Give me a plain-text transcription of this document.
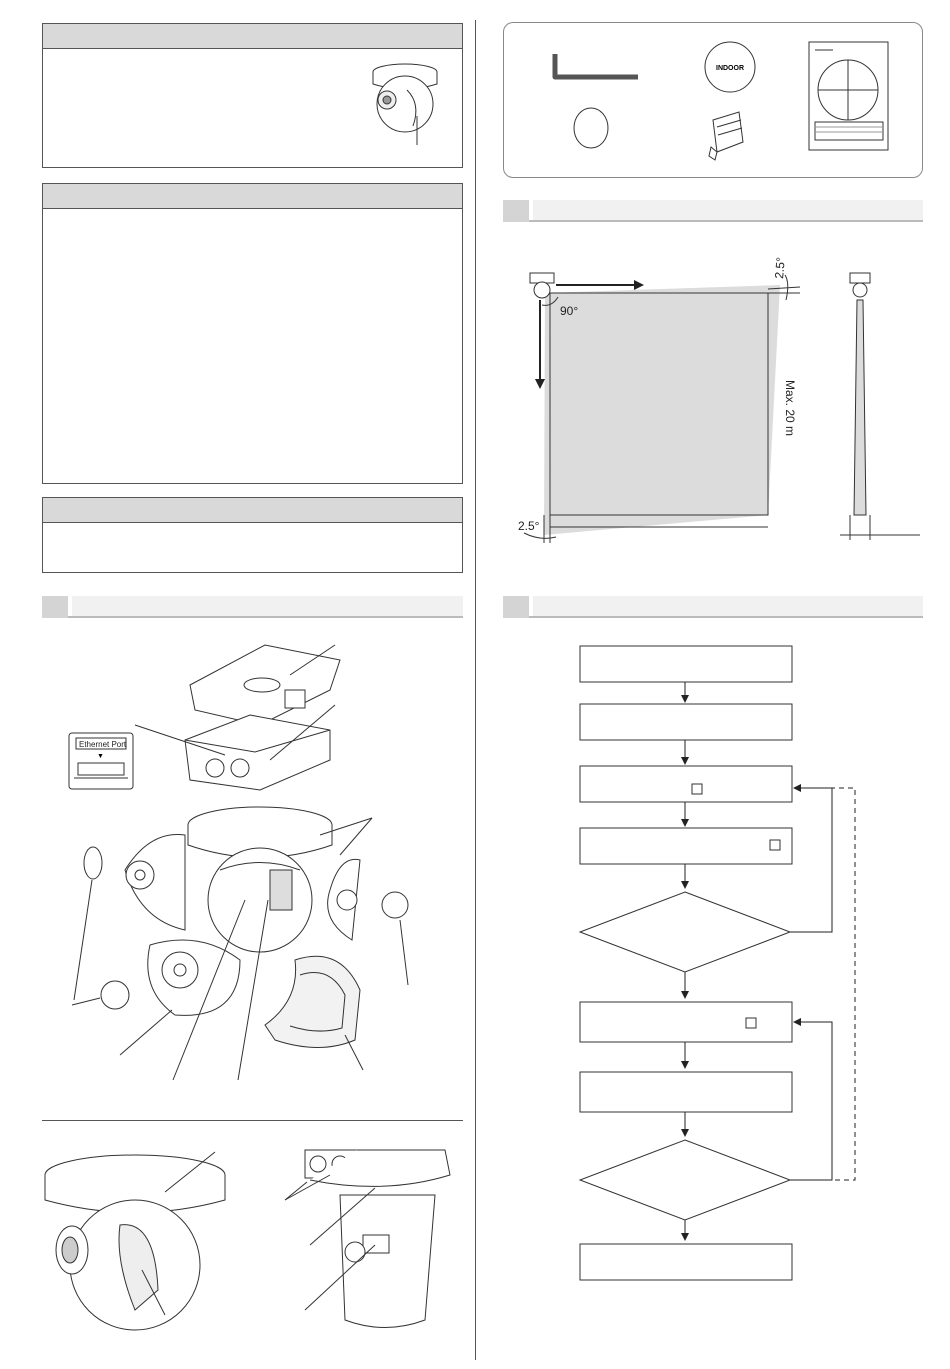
Ethernet Port
▼
INDOOR
90°
2.5°
Max. 20 m
2.5°
